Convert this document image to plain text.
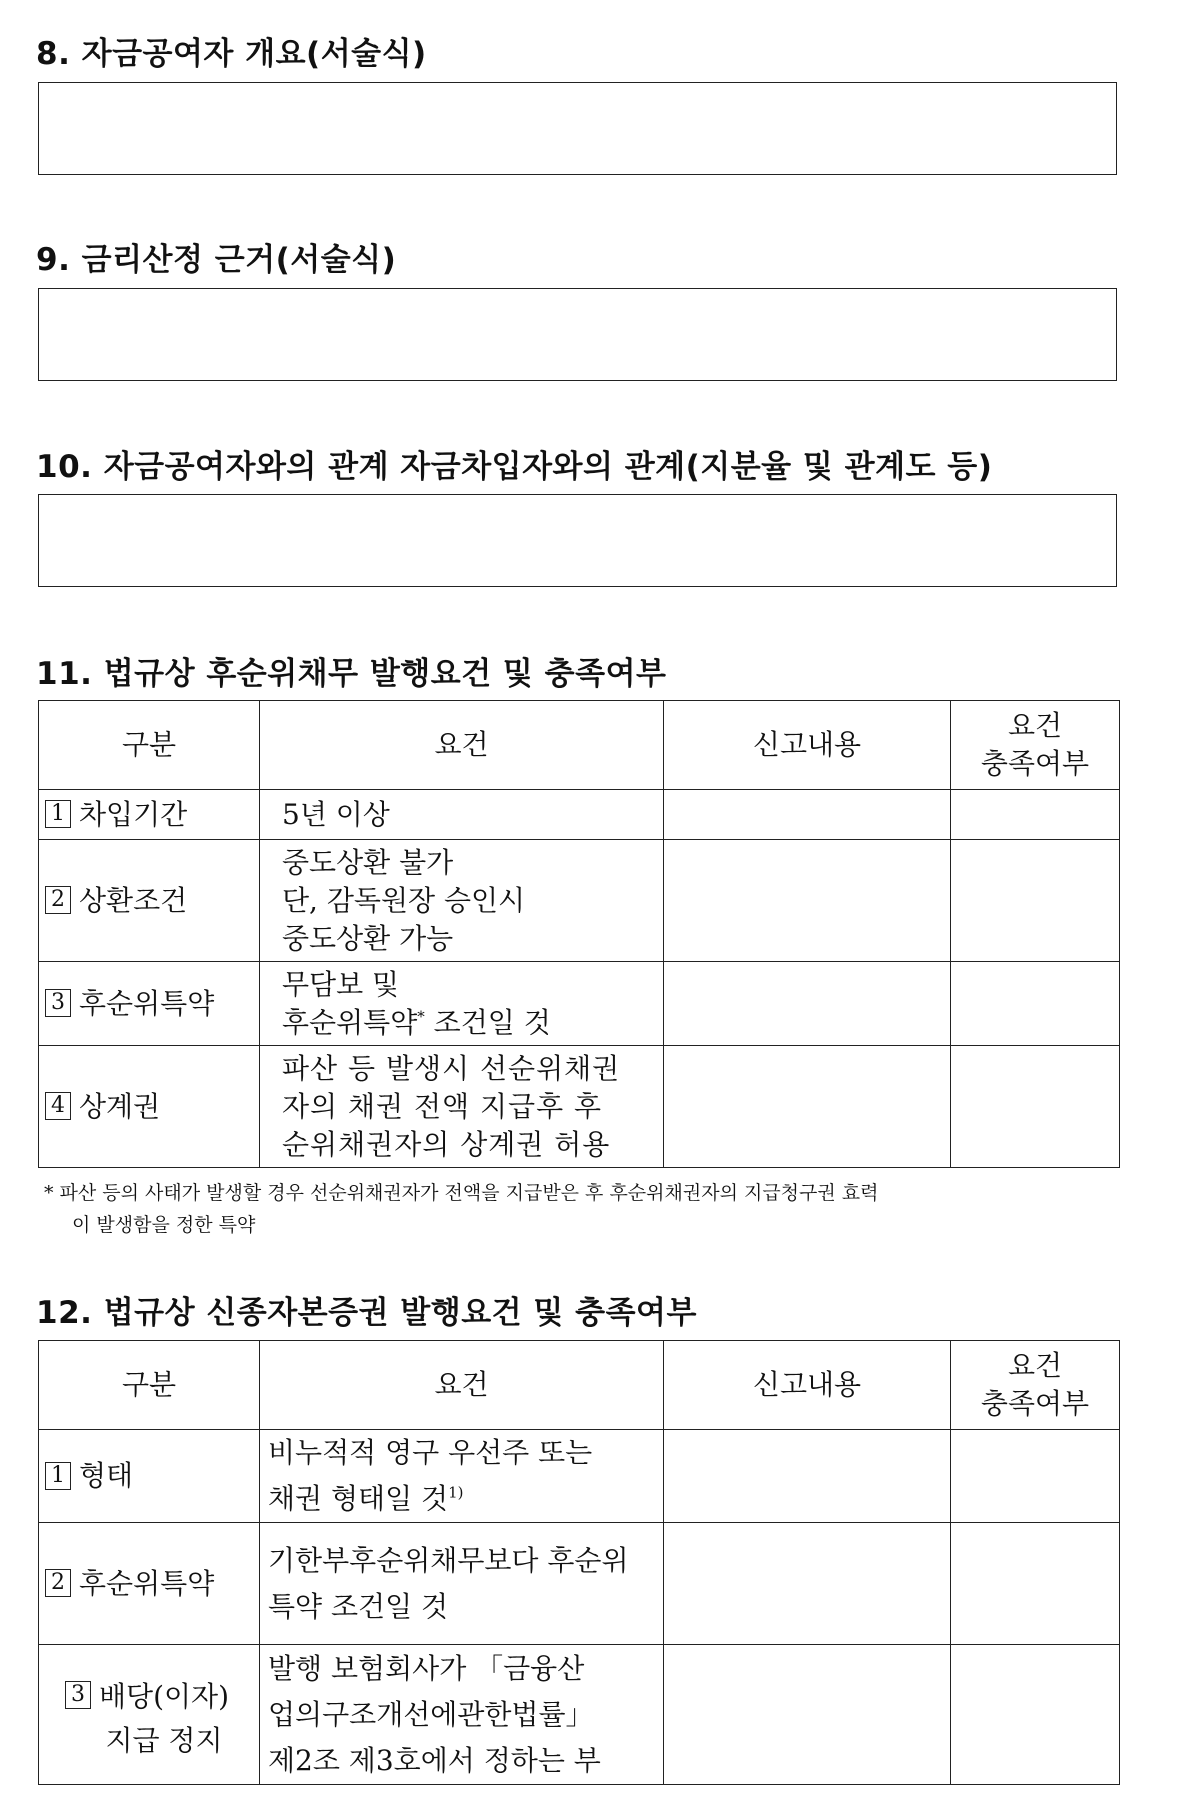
8. 자금공여자 개요(서술식)
9. 금리산정 근거(서술식)
10. 자금공여자와의 관계 자금차입자와의 관계(지분율 및 관계도 등)
11. 법규상 후순위채무 발행요건 및 충족여부
구분	요건	신고내용	요건
충족여부
1 차입기간	5년 이상		
2 상환조건	중도상환 불가
단, 감독원장 승인시
중도상환 가능		
3 후순위특약	무담보 및
후순위특약* 조건일 것		
4 상계권	파산 등 발생시 선순위채권
자의 채권 전액 지급후 후
순위채권자의 상계권 허용		
* 파산 등의 사태가 발생할 경우 선순위채권자가 전액을 지급받은 후 후순위채권자의 지급청구권 효력
이 발생함을 정한 특약
12. 법규상 신종자본증권 발행요건 및 충족여부
구분	요건	신고내용	요건
충족여부
1 형태	비누적적 영구 우선주 또는
채권 형태일 것$^{1)}$		
2 후순위특약	기한부후순위채무보다 후순위
특약 조건일 것		

3 배당(이자)
지급 정지	발행 보험회사가 「금융산
업의구조개선에관한법률」
제2조 제3호에서 정하는 부		
